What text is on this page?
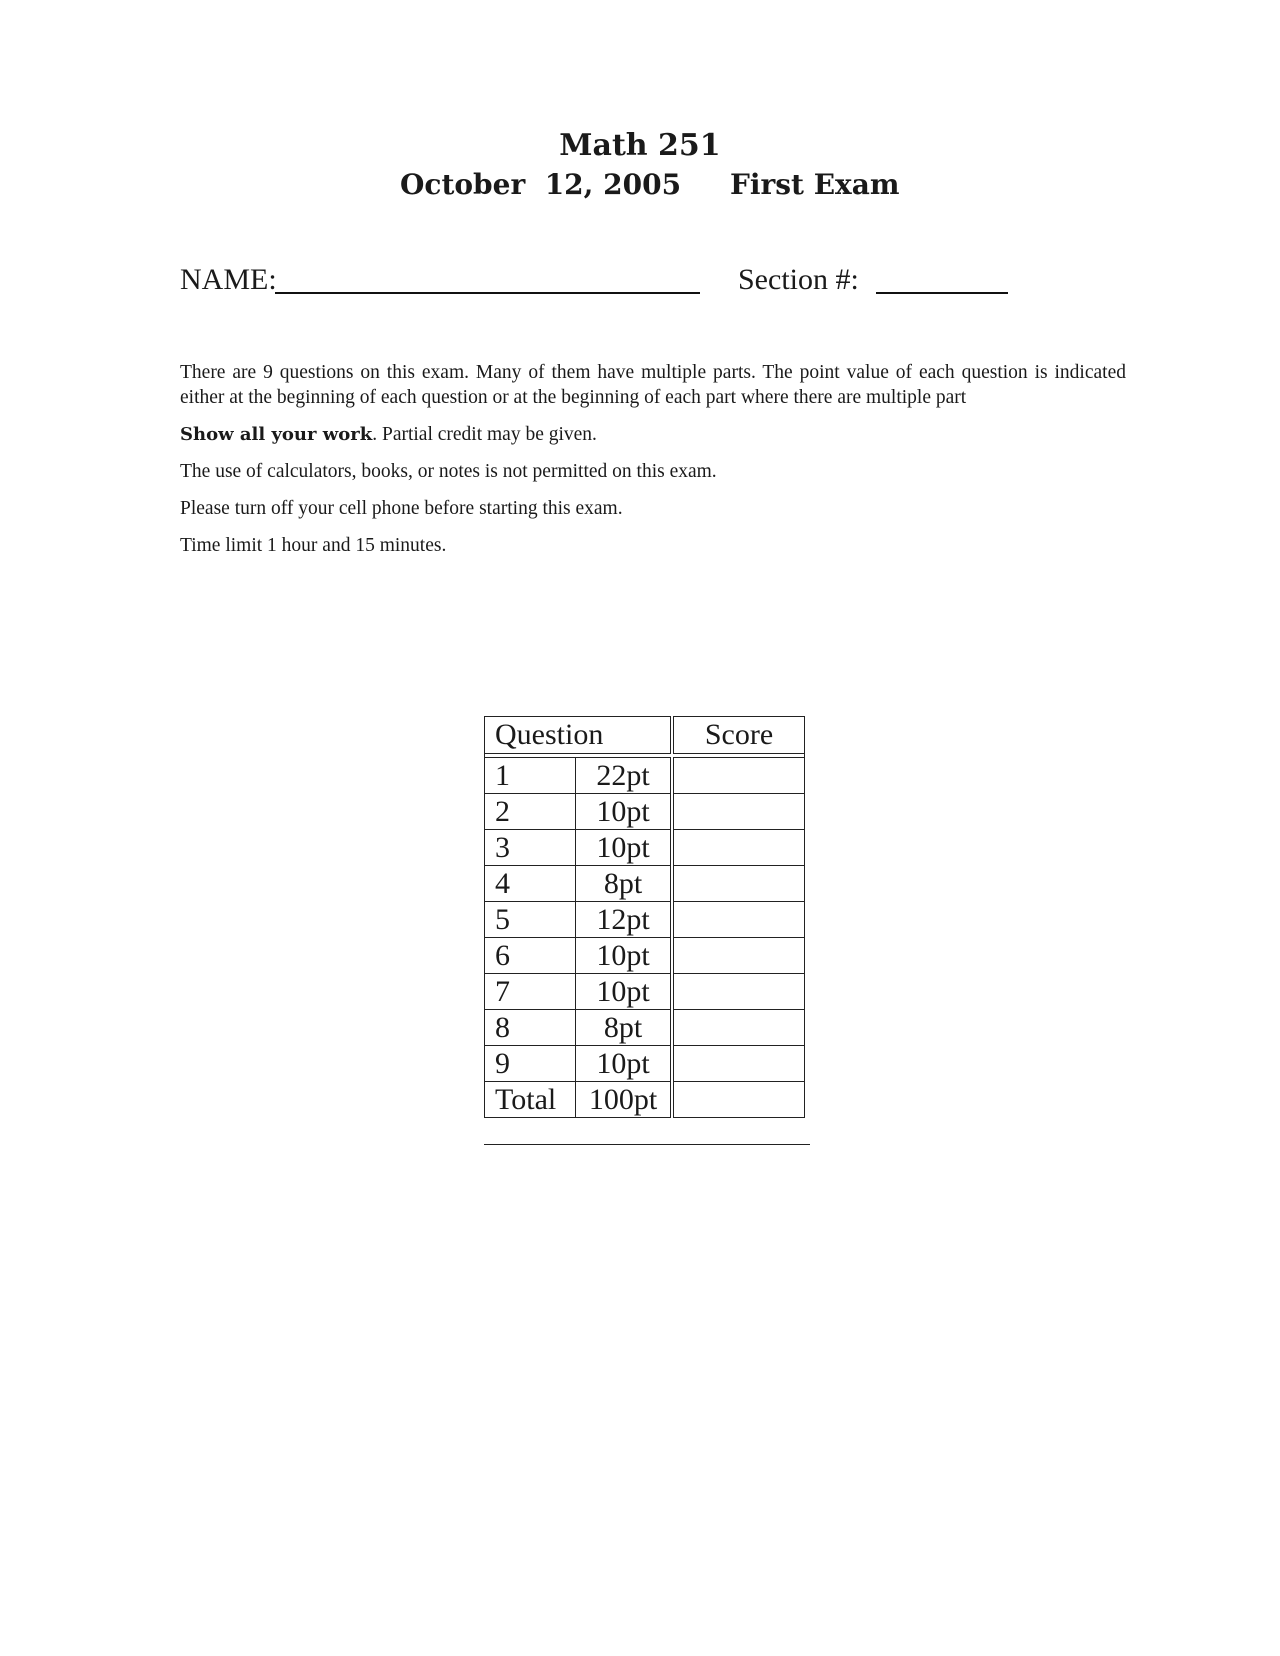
Math 251

October  12, 2005

First Exam

NAME:	Section #:

There are 9 questions on this exam. Many of them have multiple parts. The point value of each question is indicated either at the beginning of each question or at the beginning of each part where there are multiple part

Show all your work. Partial credit may be given.

The use of calculators, books, or notes is not permitted on this exam.

Please turn off your cell phone before starting this exam.

Time limit 1 hour and 15 minutes.

Question		Score

1	22pt	
2	10pt	
3	10pt	
4	8pt	
5	12pt	
6	10pt	
7	10pt	
8	8pt	
9	10pt	
Total	100pt	
